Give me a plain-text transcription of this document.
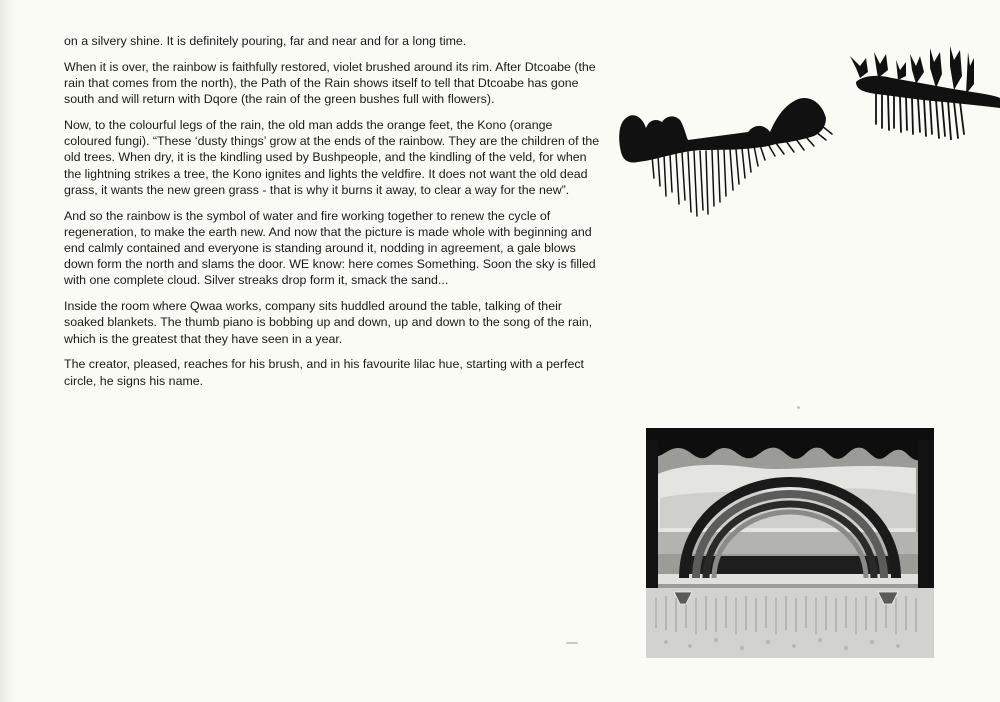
on a silvery shine. It is definitely pouring, far and near and for a long time.

When it is over, the rainbow is faithfully restored, violet brushed around its rim. After Dtcoabe (the rain that comes from the north), the Path of the Rain shows itself to tell that Dtcoabe has gone south and will return with Dqore (the rain of the green bushes full with flowers).

Now, to the colourful legs of the rain, the old man adds the orange feet, the Kono (orange coloured fungi). “These ‘dusty things’ grow at the ends of the rainbow. They are the children of the old trees. When dry, it is the kindling used by Bushpeople, and the kindling of the veld, for when the lightning strikes a tree, the Kono ignites and lights the veldfire. It does not want the old dead grass, it wants the new green grass - that is why it burns it away, to clear a way for the new”.

And so the rainbow is the symbol of water and fire working together to renew the cycle of regeneration, to make the earth new. And now that the picture is made whole with beginning and end calmly contained and everyone is standing around it, nodding in agreement, a gale blows down form the north and slams the door. WE know: here comes Something. Soon the sky is filled with one complete cloud. Silver streaks drop form it, smack the sand...

Inside the room where Qwaa works, company sits huddled around the table, talking of their soaked blankets. The thumb piano is bobbing up and down, up and down to the song of the rain, which is the greatest that they have seen in a year.

The creator, pleased, reaches for his brush, and in his favourite lilac hue, starting with a perfect circle, he signs his name.
